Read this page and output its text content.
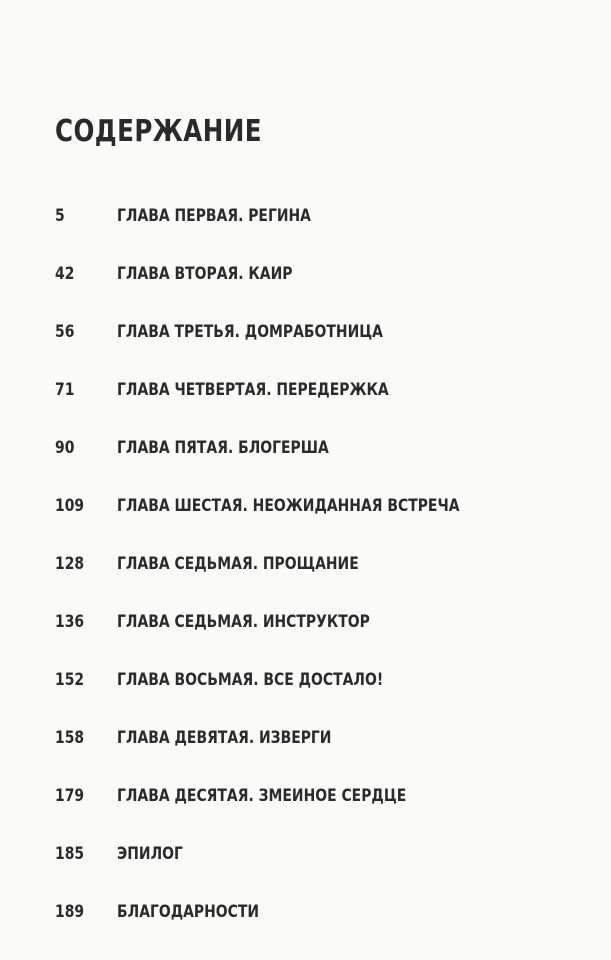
СОДЕРЖАНИЕ
5	ГЛАВА ПЕРВАЯ. РЕГИНА
42	ГЛАВА ВТОРАЯ. КАИР
56	ГЛАВА ТРЕТЬЯ. ДОМРАБОТНИЦА
71	ГЛАВА ЧЕТВЕРТАЯ. ПЕРЕДЕРЖКА
90	ГЛАВА ПЯТАЯ. БЛОГЕРША
109 ГЛАВА ШЕСТАЯ. НЕОЖИДАННАЯ ВСТРЕЧА
128 ГЛАВА СЕДЬМАЯ. ПРОЩАНИЕ
136 ГЛАВА СЕДЬМАЯ. ИНСТРУКТОР
152 ГЛАВА ВОСЬМАЯ. ВСЕ ДОСТАЛО!
158 ГЛАВА ДЕВЯТАЯ. ИЗВЕРГИ
179 ГЛАВА ДЕСЯТАЯ. ЗМЕИНОЕ СЕРДЦЕ
185 ЭПИЛОГ
189 БЛАГОДАРНОСТИ
